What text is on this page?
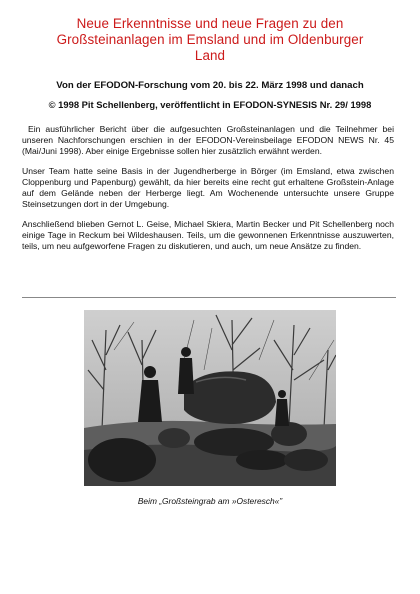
Neue Erkenntnisse und neue Fragen zu den
Großsteinanlagen im Emsland und im Oldenburger
Land
Von der EFODON-Forschung vom 20. bis 22. März 1998 und danach
© 1998 Pit Schellenberg, veröffentlicht in EFODON-SYNESIS Nr. 29/ 1998

Ein ausführlicher Bericht über die aufgesuchten Großsteinanlagen und die Teilnehmer bei unseren Nachforschungen erschien in der EFODON-Vereinsbeilage EFODON NEWS Nr. 45 (Mai/Juni 1998). Aber einige Ergebnisse sollen hier zusätzlich erwähnt werden.

Unser Team hatte seine Basis in der Jugendherberge in Börger (im Emsland, etwa zwischen Cloppenburg und Papenburg) gewählt, da hier bereits eine recht gut erhaltene Großstein-Anlage auf dem Gelände neben der Herberge liegt. Am Wochenende untersuchte unsere Gruppe Steinsetzungen dort in der Umgebung.

Anschließend blieben Gernot L. Geise, Michael Skiera, Martin Becker und Pit Schellenberg noch einige Tage in Reckum bei Wildeshausen. Teils, um die gewonnenen Erkenntnisse auszuwerten, teils, um neu aufgeworfene Fragen zu diskutieren, und auch, um neue Ansätze zu finden.

Beim „Großsteingrab am »Osteresch«”
